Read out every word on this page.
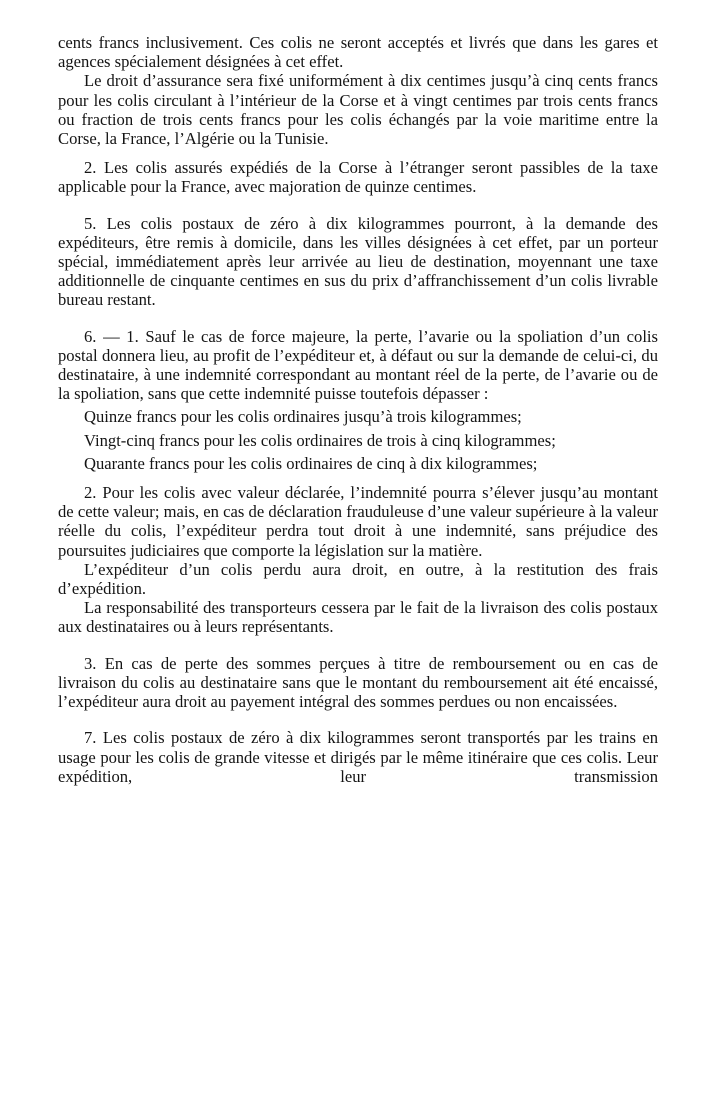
cents francs inclusivement. Ces colis ne seront acceptés et livrés que dans les gares et agences spécialement désignées à cet effet.

Le droit d’assurance sera fixé uniformément à dix centimes jusqu’à cinq cents francs pour les colis circulant à l’intérieur de la Corse et à vingt centimes par trois cents francs ou fraction de trois cents francs pour les colis échangés par la voie maritime entre la Corse, la France, l’Algérie ou la Tunisie.

2. Les colis assurés expédiés de la Corse à l’étranger seront passibles de la taxe applicable pour la France, avec majoration de quinze centimes.

5. Les colis postaux de zéro à dix kilogrammes pourront, à la demande des expéditeurs, être remis à domicile, dans les villes désignées à cet effet, par un porteur spécial, immédiatement après leur arrivée au lieu de destination, moyennant une taxe additionnelle de cinquante centimes en sus du prix d’affranchissement d’un colis livrable bureau restant.

6. — 1. Sauf le cas de force majeure, la perte, l’avarie ou la spoliation d’un colis postal donnera lieu, au profit de l’expéditeur et, à défaut ou sur la demande de celui-ci, du destinataire, à une indemnité correspondant au montant réel de la perte, de l’avarie ou de la spoliation, sans que cette indemnité puisse toutefois dépasser :

Quinze francs pour les colis ordinaires jusqu’à trois kilogrammes;

Vingt-cinq francs pour les colis ordinaires de trois à cinq kilogrammes;

Quarante francs pour les colis ordinaires de cinq à dix kilogrammes;

2. Pour les colis avec valeur déclarée, l’indemnité pourra s’élever jusqu’au montant de cette valeur; mais, en cas de déclaration frauduleuse d’une valeur supérieure à la valeur réelle du colis, l’expéditeur perdra tout droit à une indemnité, sans préjudice des poursuites judiciaires que comporte la législation sur la matière.

L’expéditeur d’un colis perdu aura droit, en outre, à la restitution des frais d’expédition.

La responsabilité des transporteurs cessera par le fait de la livraison des colis postaux aux destinataires ou à leurs représentants.

3. En cas de perte des sommes perçues à titre de remboursement ou en cas de livraison du colis au destinataire sans que le montant du remboursement ait été encaissé, l’expéditeur aura droit au payement intégral des sommes perdues ou non encaissées.

7. Les colis postaux de zéro à dix kilogrammes seront transportés par les trains en usage pour les colis de grande vitesse et dirigés par le même itinéraire que ces colis. Leur expédition, leur transmission
